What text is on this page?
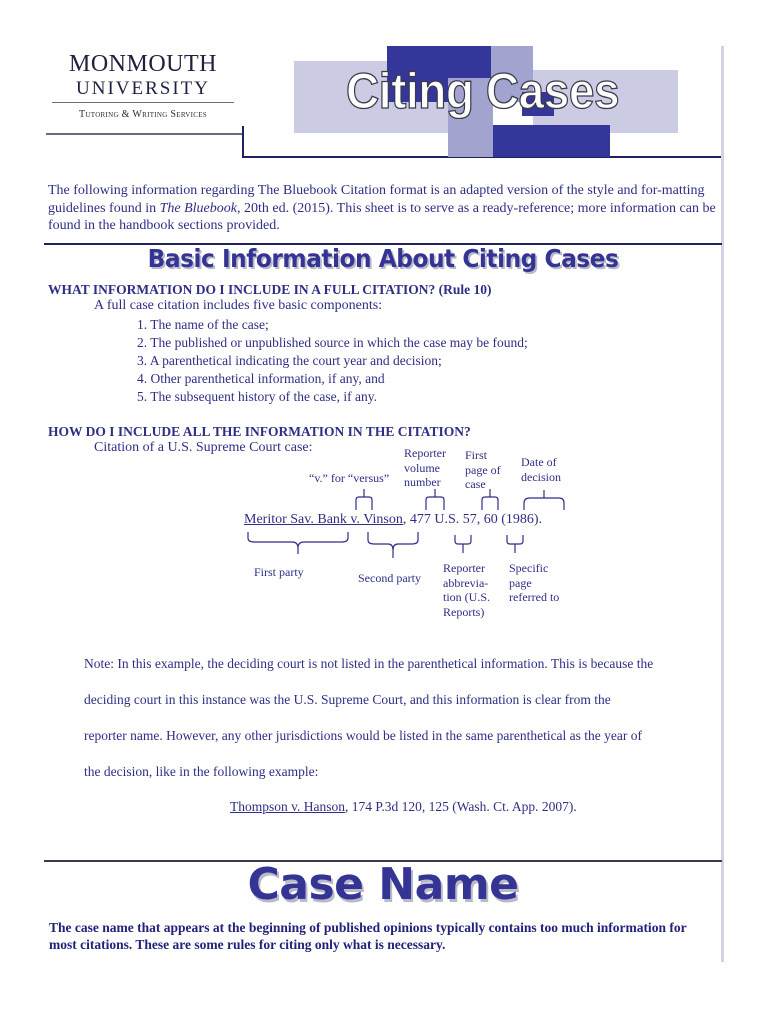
MONMOUTH
UNIVERSITY
Tutoring & Writing Services	Citing Cases

The following information regarding The Bluebook Citation format is an adapted version of the style and for-matting guidelines found in The Bluebook, 20th ed. (2015). This sheet is to serve as a ready-reference; more information can be found in the handbook sections provided.

Basic Information About Citing Cases
WHAT INFORMATION DO I INCLUDE IN A FULL CITATION? (Rule 10)
A full case citation includes five basic components:
1. The name of the case;
2. The published or unpublished source in which the case may be found;
3. A parenthetical indicating the court year and decision;
4. Other parenthetical information, if any, and
5. The subsequent history of the case, if any.
HOW DO I INCLUDE ALL THE INFORMATION IN THE CITATION?
Citation of a U.S. Supreme Court case:
“v.” for “versus”
Reporter
volume
number
First
page of
case
Date of
decision
Meritor Sav. Bank v. Vinson, 477 U.S. 57, 60 (1986).
First party	Second party
Reporter
abbrevia-
tion (U.S.
Reports)
Specific
page
referred to
Note: In this example, the deciding court is not listed in the parenthetical information. This is because the
deciding court in this instance was the U.S. Supreme Court, and this information is clear from the
reporter name. However, any other jurisdictions would be listed in the same parenthetical as the year of
the decision, like in the following example:
Thompson v. Hanson, 174 P.3d 120, 125 (Wash. Ct. App. 2007).
Case Name

The case name that appears at the beginning of published opinions typically contains too much information for most citations. These are some rules for citing only what is necessary.
